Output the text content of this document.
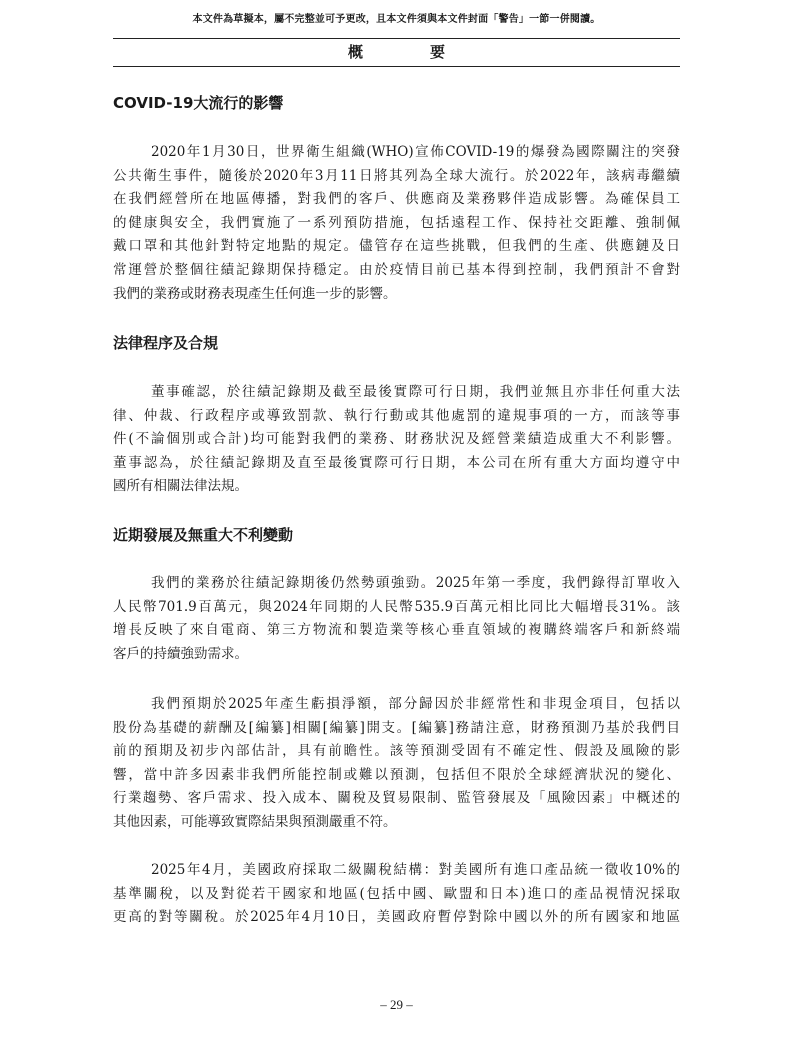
本文件為草擬本，屬不完整並可予更改，且本文件須與本文件封面「警告」一節一併閱讀。
概　要
COVID-19大流行的影響
2020年1月30日，世界衛生組織(WHO)宣佈COVID-19的爆發為國際關注的突發
公共衛生事件，隨後於2020年3月11日將其列為全球大流行。於2022年，該病毒繼續
在我們經營所在地區傳播，對我們的客戶、供應商及業務夥伴造成影響。為確保員工
的健康與安全，我們實施了一系列預防措施，包括遠程工作、保持社交距離、強制佩
戴口罩和其他針對特定地點的規定。儘管存在這些挑戰，但我們的生產、供應鏈及日
常運營於整個往績記錄期保持穩定。由於疫情目前已基本得到控制，我們預計不會對
我們的業務或財務表現產生任何進一步的影響。
法律程序及合規
董事確認，於往績記錄期及截至最後實際可行日期，我們並無且亦非任何重大法
律、仲裁、行政程序或導致罰款、執行行動或其他處罰的違規事項的一方，而該等事
件(不論個別或合計)均可能對我們的業務、財務狀況及經營業績造成重大不利影響。
董事認為，於往績記錄期及直至最後實際可行日期，本公司在所有重大方面均遵守中
國所有相關法律法規。
近期發展及無重大不利變動
我們的業務於往績記錄期後仍然勢頭強勁。2025年第一季度，我們錄得訂單收入
人民幣701.9百萬元，與2024年同期的人民幣535.9百萬元相比同比大幅增長31%。該
增長反映了來自電商、第三方物流和製造業等核心垂直領域的複購終端客戶和新終端
客戶的持續強勁需求。
我們預期於2025年產生虧損淨額，部分歸因於非經常性和非現金項目，包括以
股份為基礎的薪酬及[編纂]相關[編纂]開支。[編纂]務請注意，財務預測乃基於我們目
前的預期及初步內部估計，具有前瞻性。該等預測受固有不確定性、假設及風險的影
響，當中許多因素非我們所能控制或難以預測，包括但不限於全球經濟狀況的變化、
行業趨勢、客戶需求、投入成本、關稅及貿易限制、監管發展及「風險因素」中概述的
其他因素，可能導致實際結果與預測嚴重不符。
2025年4月，美國政府採取二級關稅結構：對美國所有進口產品統一徵收10%的
基準關稅，以及對從若干國家和地區(包括中國、歐盟和日本)進口的產品視情況採取
更高的對等關稅。於2025年4月10日，美國政府暫停對除中國以外的所有國家和地區
– 29 –
